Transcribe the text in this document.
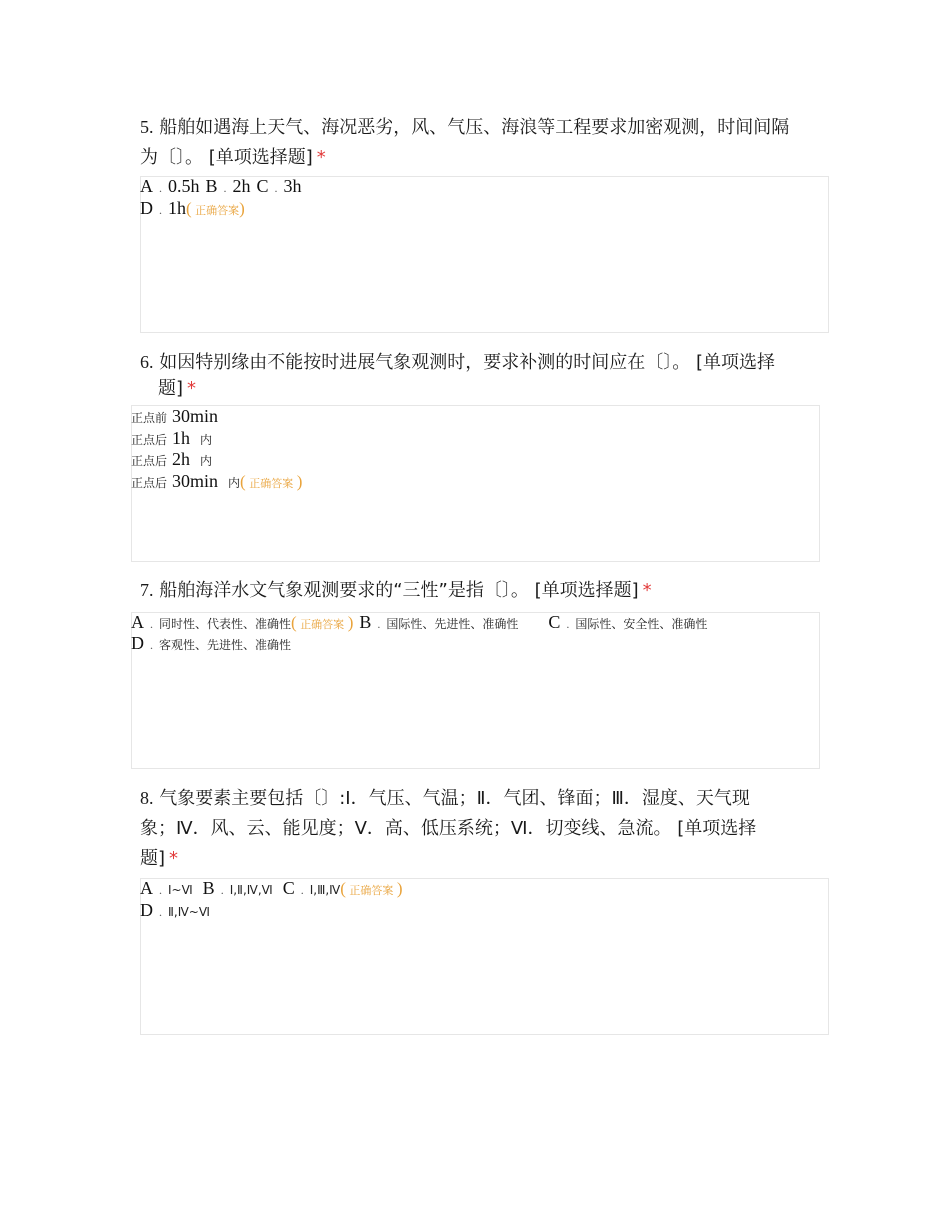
5. 船舶如遇海上天气、海况恶劣，风、气压、海浪等工程要求加密观测，时间间隔
为〔〕。 [单项选择题] *
A . 0.5h B . 2h C . 3h
D . 1h ( 正确答案)
6. 如因特别缘由不能按时进展气象观测时，要求补测的时间应在〔〕。 [单项选择
题] *
正点前 30min
正点后 1h 内
正点后 2h 内
正点后 30min 内 ( 正确答案 )
7. 船舶海洋水文气象观测要求的“三性”是指〔〕。 [单项选择题] *
A . 同时性、代表性、准确性 ( 正确答案 ) B . 国际性、先进性、准确性 C . 国际性、安全性、准确性
D . 客观性、先进性、准确性
8. 气象要素主要包括〔〕:Ⅰ．气压、气温；Ⅱ．气团、锋面；Ⅲ．湿度、天气现
象；Ⅳ．风、云、能见度；Ⅴ．高、低压系统；Ⅵ．切变线、急流。 [单项选择
题] *
A . Ⅰ~Ⅵ B . Ⅰ,Ⅱ,Ⅳ,Ⅵ C . Ⅰ,Ⅲ,Ⅳ ( 正确答案 )
D . Ⅱ,Ⅳ~Ⅵ
